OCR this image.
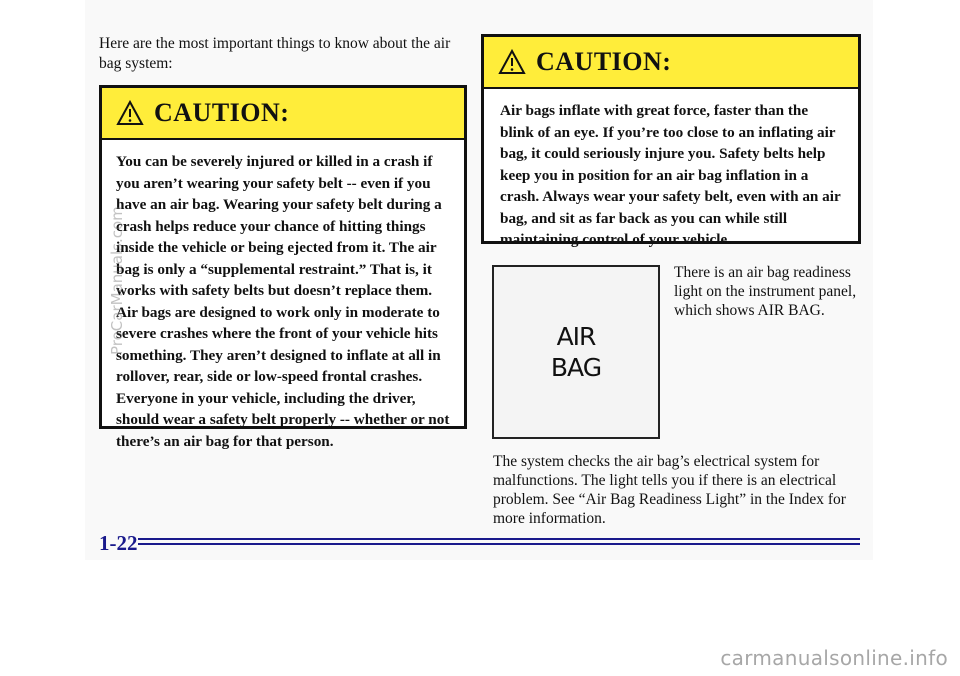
Here are the most important things to know about the air bag system:

CAUTION:

You can be severely injured or killed in a crash if you aren’t wearing your safety belt -- even if you have an air bag. Wearing your safety belt during a crash helps reduce your chance of hitting things inside the vehicle or being ejected from it. The air bag is only a “supplemental restraint.” That is, it works with safety belts but doesn’t replace them. Air bags are designed to work only in moderate to severe crashes where the front of your vehicle hits something. They aren’t designed to inflate at all in rollover, rear, side or low-speed frontal crashes. Everyone in your vehicle, including the driver, should wear a safety belt properly -- whether or not there’s an air bag for that person.

CAUTION:

Air bags inflate with great force, faster than the blink of an eye. If you’re too close to an inflating air bag, it could seriously injure you. Safety belts help keep you in position for an air bag inflation in a crash. Always wear your safety belt, even with an air bag, and sit as far back as you can while still maintaining control of your vehicle.

AIR BAG

There is an air bag readiness light on the instrument panel, which shows AIR BAG.

The system checks the air bag’s electrical system for malfunctions. The light tells you if there is an electrical problem. See “Air Bag Readiness Light” in the Index for more information.

1-22
ProCarManuals.com
carmanualsonline.info
